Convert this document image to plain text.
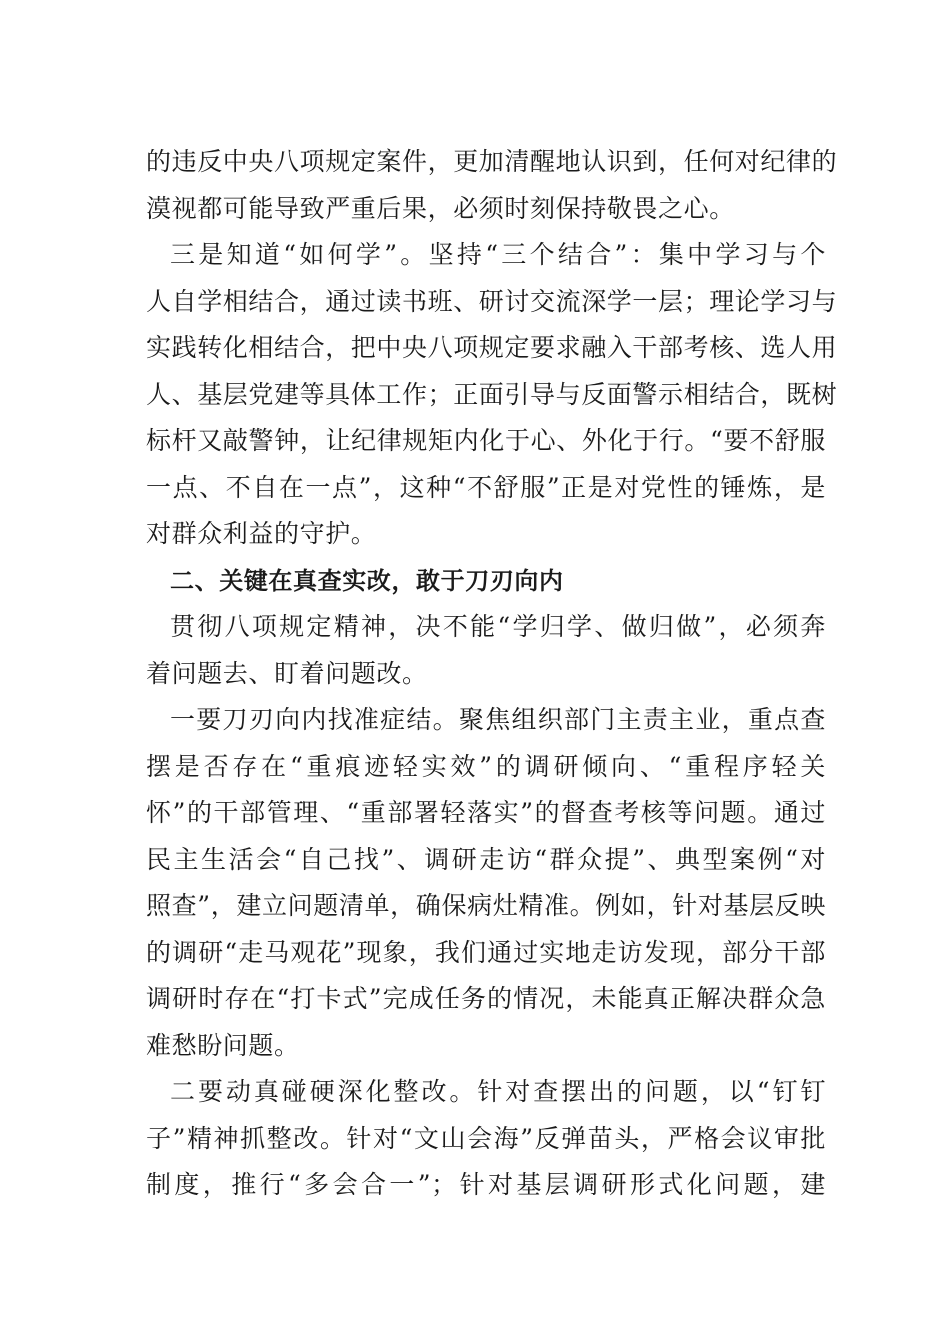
的违反中央八项规定案件，更加清醒地认识到，任何对纪律的
漠视都可能导致严重后果，必须时刻保持敬畏之心。
三是知道“如何学”。坚持“三个结合”：集中学习与个
人自学相结合，通过读书班、研讨交流深学一层；理论学习与
实践转化相结合，把中央八项规定要求融入干部考核、选人用
人、基层党建等具体工作；正面引导与反面警示相结合，既树
标杆又敲警钟，让纪律规矩内化于心、外化于行。“要不舒服
一点、不自在一点”，这种“不舒服”正是对党性的锤炼，是
对群众利益的守护。
二、关键在真查实改，敢于刀刃向内
贯彻八项规定精神，决不能“学归学、做归做”，必须奔
着问题去、盯着问题改。
一要刀刃向内找准症结。聚焦组织部门主责主业，重点查
摆是否存在“重痕迹轻实效”的调研倾向、“重程序轻关
怀”的干部管理、“重部署轻落实”的督查考核等问题。通过
民主生活会“自己找”、调研走访“群众提”、典型案例“对
照查”，建立问题清单，确保病灶精准。例如，针对基层反映
的调研“走马观花”现象，我们通过实地走访发现，部分干部
调研时存在“打卡式”完成任务的情况，未能真正解决群众急
难愁盼问题。
二要动真碰硬深化整改。针对查摆出的问题，以“钉钉
子”精神抓整改。针对“文山会海”反弹苗头，严格会议审批
制度，推行“多会合一”；针对基层调研形式化问题，建
